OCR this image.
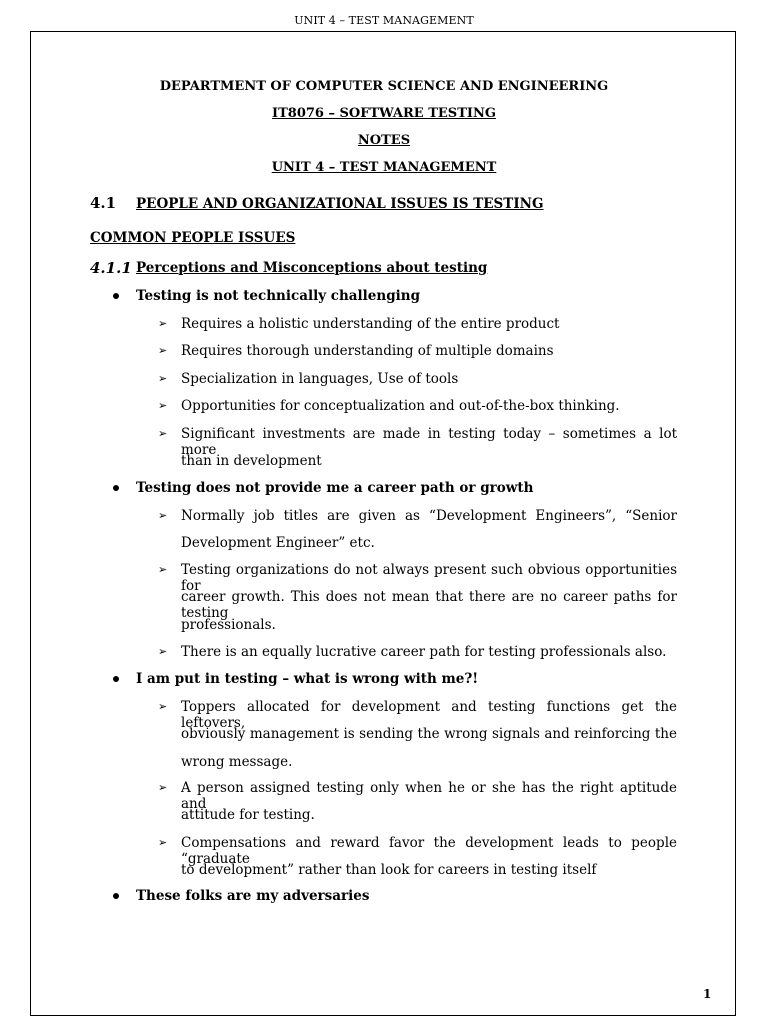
UNIT 4 – TEST MANAGEMENT
DEPARTMENT OF COMPUTER SCIENCE AND ENGINEERING
IT8076 – SOFTWARE TESTING
NOTES
UNIT 4 – TEST MANAGEMENT
4.1 PEOPLE AND ORGANIZATIONAL ISSUES IS TESTING
COMMON PEOPLE ISSUES
4.1.1 Perceptions and Misconceptions about testing
Testing is not technically challenging
➢ Requires a holistic understanding of the entire product
➢ Requires thorough understanding of multiple domains
➢ Specialization in languages, Use of tools
➢ Opportunities for conceptualization and out-of-the-box thinking.
➢ Significant investments are made in testing today – sometimes a lot more
than in development
Testing does not provide me a career path or growth
➢ Normally job titles are given as “Development Engineers”, “Senior
Development Engineer” etc.
➢ Testing organizations do not always present such obvious opportunities for
career growth. This does not mean that there are no career paths for testing
professionals.
➢ There is an equally lucrative career path for testing professionals also.
I am put in testing – what is wrong with me?!
➢ Toppers allocated for development and testing functions get the leftovers,
obviously management is sending the wrong signals and reinforcing the
wrong message.
➢ A person assigned testing only when he or she has the right aptitude and
attitude for testing.
➢ Compensations and reward favor the development leads to people “graduate
to development” rather than look for careers in testing itself
These folks are my adversaries
1
